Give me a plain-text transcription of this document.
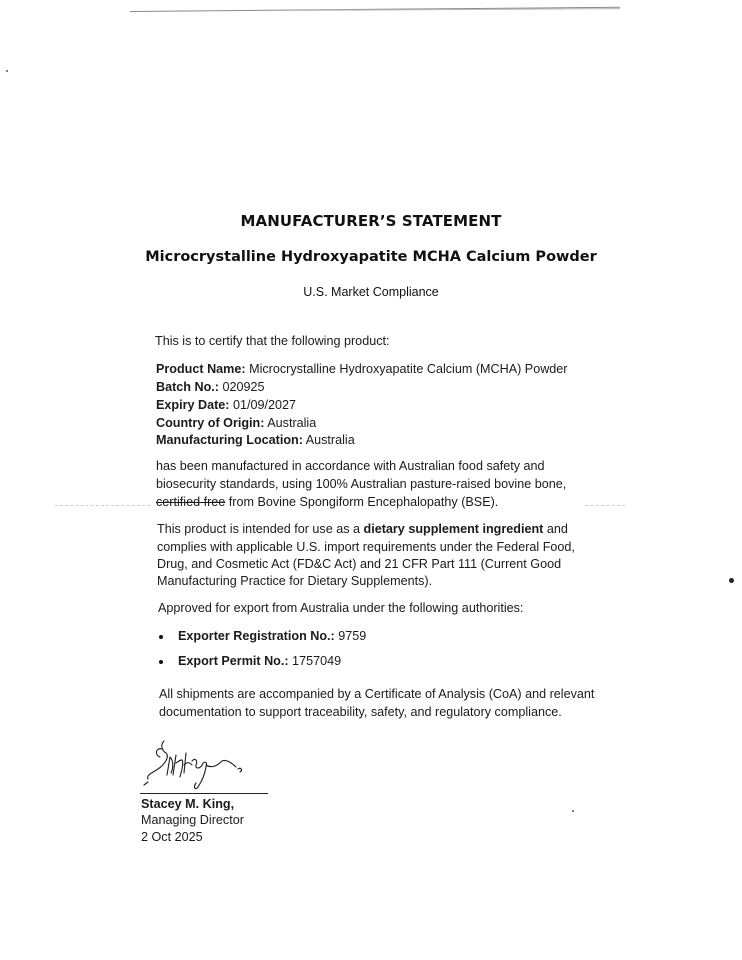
MANUFACTURER’S STATEMENT
Microcrystalline Hydroxyapatite MCHA Calcium Powder
U.S. Market Compliance
This is to certify that the following product:
Product Name: Microcrystalline Hydroxyapatite Calcium (MCHA) Powder
Batch No.: 020925
Expiry Date: 01/09/2027
Country of Origin: Australia
Manufacturing Location: Australia
has been manufactured in accordance with Australian food safety and
biosecurity standards, using 100% Australian pasture-raised bovine bone,
certified free from Bovine Spongiform Encephalopathy (BSE).
This product is intended for use as a dietary supplement ingredient and
complies with applicable U.S. import requirements under the Federal Food,
Drug, and Cosmetic Act (FD&C Act) and 21 CFR Part 111 (Current Good
Manufacturing Practice for Dietary Supplements).
Approved for export from Australia under the following authorities:
Exporter Registration No.: 9759
Export Permit No.: 1757049
All shipments are accompanied by a Certificate of Analysis (CoA) and relevant
documentation to support traceability, safety, and regulatory compliance.
Stacey M. King,
Managing Director
2 Oct 2025
